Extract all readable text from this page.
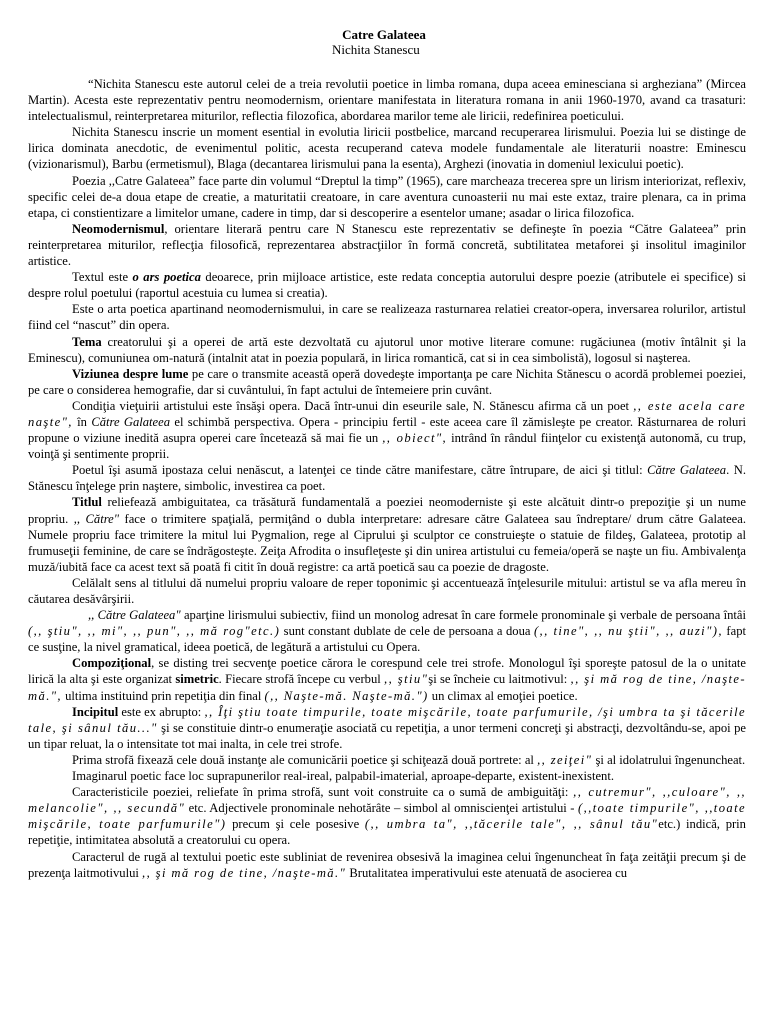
Catre Galateea
Nichita Stanescu

“Nichita Stanescu este autorul celei de a treia revolutii poetice in limba romana, dupa aceea eminesciana si argheziana” (Mircea Martin). Acesta este reprezentativ pentru neomodernism, orientare manifestata in literatura romana in anii 1960-1970, avand ca trasaturi: intelectualismul, reinterpretarea miturilor, reflectia filozofica, abordarea marilor teme ale liricii, redefinirea poeticului.

Nichita Stanescu inscrie un moment esential in evolutia liricii postbelice, marcand recuperarea lirismului. Poezia lui se distinge de lirica dominata anecdotic, de evenimentul politic, acesta recuperand cateva modele fundamentale ale literaturii noastre: Eminescu (vizionarismul), Barbu (ermetismul), Blaga (decantarea lirismului pana la esenta), Arghezi (inovatia in domeniul lexicului poetic).

Poezia ,,Catre Galateea” face parte din volumul “Dreptul la timp” (1965), care marcheaza trecerea spre un lirism interiorizat, reflexiv, specific celei de-a doua etape de creatie, a maturitatii creatoare, in care aventura cunoasterii nu mai este extaz, traire plenara, ca in prima etapa, ci constientizare a limitelor umane, cadere in timp, dar si descoperire a esentelor umane; asadar o lirica filozofica.

Neomodernismul, orientare literară pentru care N Stanescu este reprezentativ se defineşte în poezia “Către Galateea” prin reinterpretarea miturilor, reflecţia filosofică, reprezentarea abstracţiilor în formă concretă, subtilitatea metaforei şi insolitul imaginilor artistice.

Textul este o ars poetica deoarece, prin mijloace artistice, este redata conceptia autorului despre poezie (atributele ei specifice) si despre rolul poetului (raportul acestuia cu lumea si creatia).

Este o arta poetica apartinand neomodernismului, in care se realizeaza rasturnarea relatiei creator-opera, inversarea rolurilor, artistul fiind cel “nascut” din opera.

Tema creatorului şi a operei de artă este dezvoltată cu ajutorul unor motive literare comune: rugăciunea (motiv întâlnit şi la Eminescu), comuniunea om-natură (intalnit atat in poezia populară, in lirica romantică, cat si in cea simbolistă), logosul si naşterea.

Viziunea despre lume pe care o transmite această operă dovedeşte importanţa pe care Nichita Stănescu o acordă problemei poeziei, pe care o considerea hemografie, dar si cuvântului, în fapt actului de întemeiere prin cuvânt.

Condiţia vieţuirii artistului este însăşi opera. Dacă într-unui din eseurile sale, N. Stănescu afirma că un poet ,, este acela care naşte", în Către Galateea el schimbă perspectiva. Opera - principiu fertil - este aceea care îl zămisleşte pe creator. Răsturnarea de roluri propune o viziune inedită asupra operei care încetează să mai fie un ,, obiect", intrând în rândul fiinţelor cu existenţă autonomă, cu trup, voinţă şi sentimente proprii.

Poetul îşi asumă ipostaza celui nenăscut, a latenţei ce tinde către manifestare, către întrupare, de aici şi titlul: Către Galateea. N. Stănescu înţelege prin naştere, simbolic, investirea ca poet.

Titlul reliefează ambiguitatea, ca trăsătură fundamentală a poeziei neomoderniste şi este alcătuit dintr-o prepoziţie şi un nume propriu. ,, Către" face o trimitere spaţială, permiţând o dubla interpretare: adresare către Galateea sau îndreptare/ drum către Galateea. Numele propriu face trimitere la mitul lui Pygmalion, rege al Ciprului şi sculptor ce construieşte o statuie de fildeş, Galateea, prototip al frumuseţii feminine, de care se îndrăgosteşte. Zeiţa Afrodita o insufleţeste şi din unirea artistului cu femeia/operă se naşte un fiu. Ambivalenţa muză/iubită face ca acest text să poată fi citit în două registre: ca artă poetică sau ca poezie de dragoste.

Celălalt sens al titlului dă numelui propriu valoare de reper toponimic şi accentuează înţelesurile mitului: artistul se va afla mereu în căutarea desăvârşirii.

,, Către Galateea" aparţine lirismului subiectiv, fiind un monolog adresat în care formele pronominale şi verbale de persoana întâi (,, ştiu", ,, mi", ,, pun", ,, mă rog"etc.) sunt constant dublate de cele de persoana a doua (,, tine", ,, nu ştii", ,, auzi"), fapt ce susţine, la nivel gramatical, ideea poetică, de legătură a artistului cu Opera.

Compoziţional, se disting trei secvenţe poetice cărora le corespund cele trei strofe. Monologul îşi sporeşte patosul de la o unitate lirică la alta şi este organizat simetric. Fiecare strofă începe cu verbul ,, ştiu"şi se încheie cu laitmotivul: ,, şi mă rog de tine, /naşte-mă.", ultima instituind prin repetiţia din final (,, Naşte-mă. Naşte-mă.") un climax al emoţiei poetice.

Incipitul este ex abrupto: ,, Îţi ştiu toate timpurile, toate mişcările, toate parfumurile, /şi umbra ta şi tăcerile tale, şi sânul tău..." şi se constituie dintr-o enumeraţie asociată cu repetiţia, a unor termeni concreţi şi abstracţi, dezvoltându-se, apoi pe un tipar reluat, la o intensitate tot mai inalta, in cele trei strofe.

Prima strofă fixează cele două instanţe ale comunicării poetice şi schiţează două portrete: al ,, zeiţei" şi al idolatrului îngenuncheat.

Imaginarul poetic face loc suprapunerilor real-ireal, palpabil-imaterial, aproape-departe, existent-inexistent.

Caracteristicile poeziei, reliefate în prima strofă, sunt voit construite ca o sumă de ambiguităţi: ,, cutremur", ,,culoare", ,, melancolie", ,, secundă" etc. Adjectivele pronominale nehotărâte – simbol al omniscienţei artistului - (,,toate timpurile", ,,toate mişcările, toate parfumurile") precum şi cele posesive (,, umbra ta", ,,tăcerile tale", ,, sânul tău"etc.) indică, prin repetiţie, intimitatea absolută a creatorului cu opera.

Caracterul de rugă al textului poetic este subliniat de revenirea obsesivă la imaginea celui îngenuncheat în faţa zeităţii precum şi de prezenţa laitmotivului ,, şi mă rog de tine, /naşte-mă." Brutalitatea imperativului este atenuată de asocierea cu
